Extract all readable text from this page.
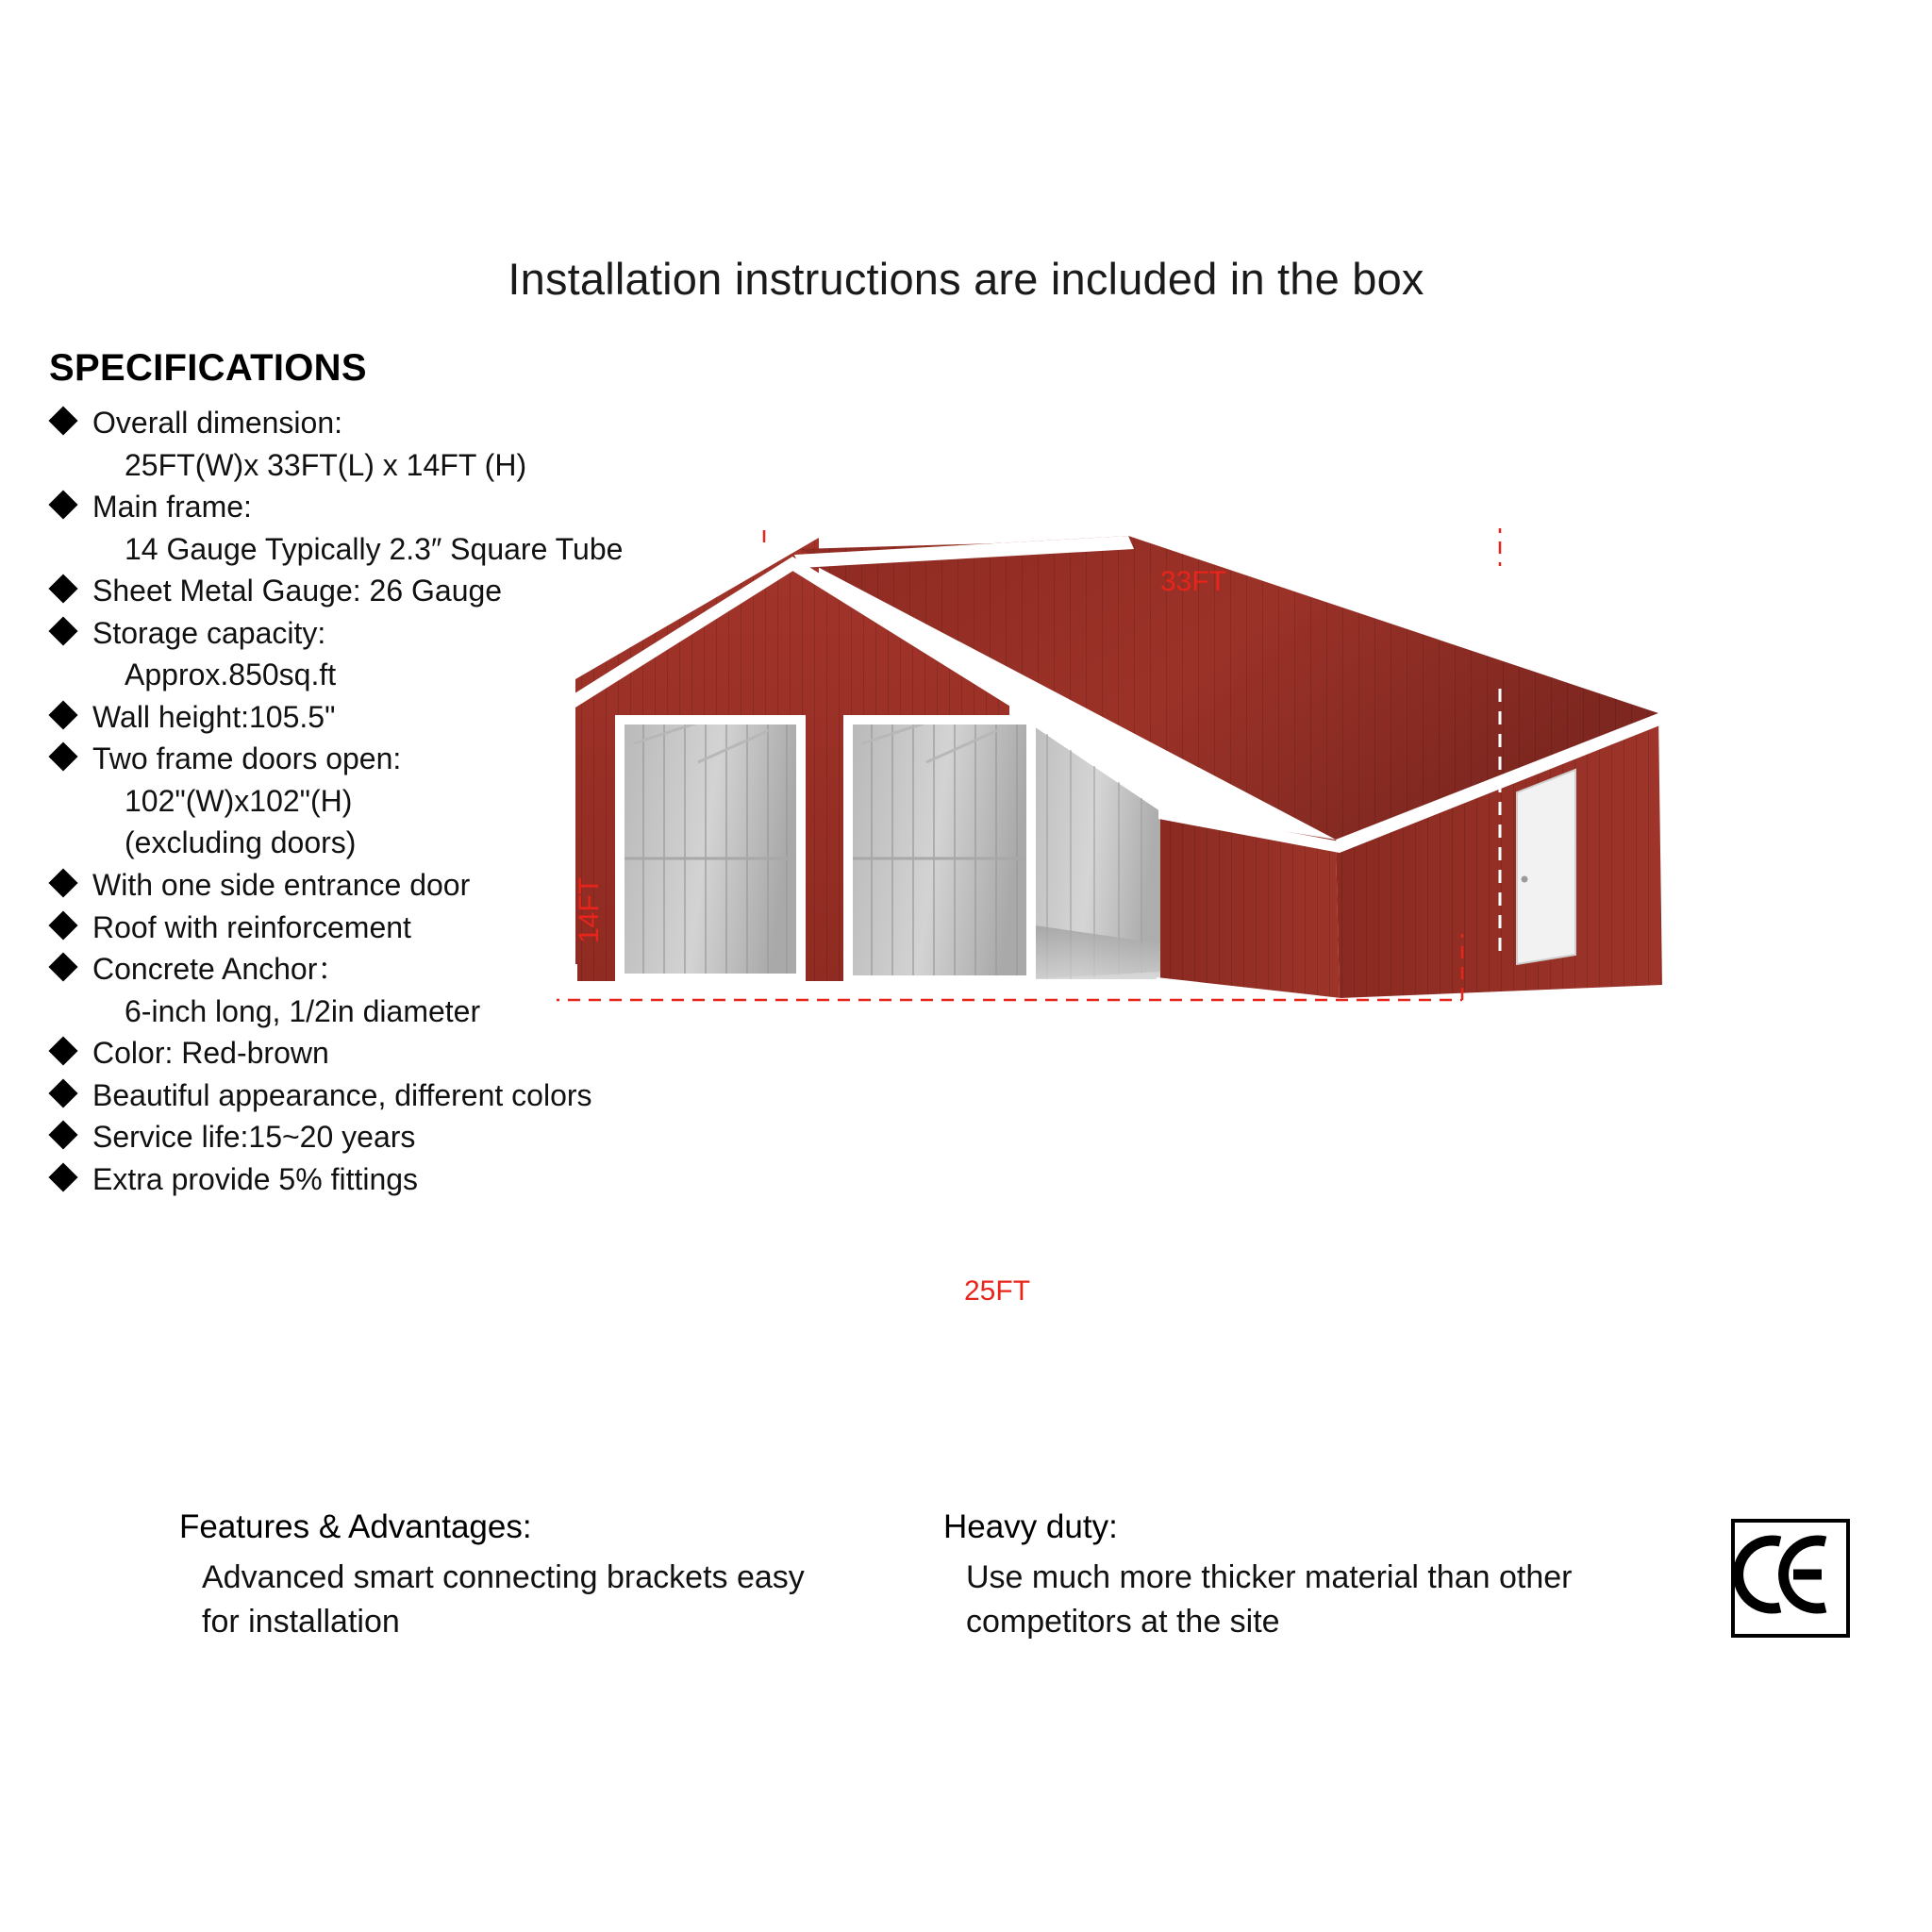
Installation instructions are included in the box
SPECIFICATIONS
Overall dimension:
25FT(W)x 33FT(L) x 14FT (H)
Main frame:
14 Gauge Typically 2.3″ Square Tube
Sheet Metal Gauge: 26 Gauge
Storage capacity:
Approx.850sq.ft
Wall height:105.5"
Two frame doors open:
102"(W)x102"(H)
(excluding doors)
With one side entrance door
Roof with reinforcement
Concrete Anchor：
6-inch long, 1/2in diameter
Color: Red-brown
Beautiful appearance, different colors
Service life:15~20 years
Extra provide 5% fittings
33FT
14FT
25FT
9 F T
Features & Advantages:
Advanced smart connecting brackets easy for installation
Heavy duty:
Use much more thicker material than other competitors at the site
